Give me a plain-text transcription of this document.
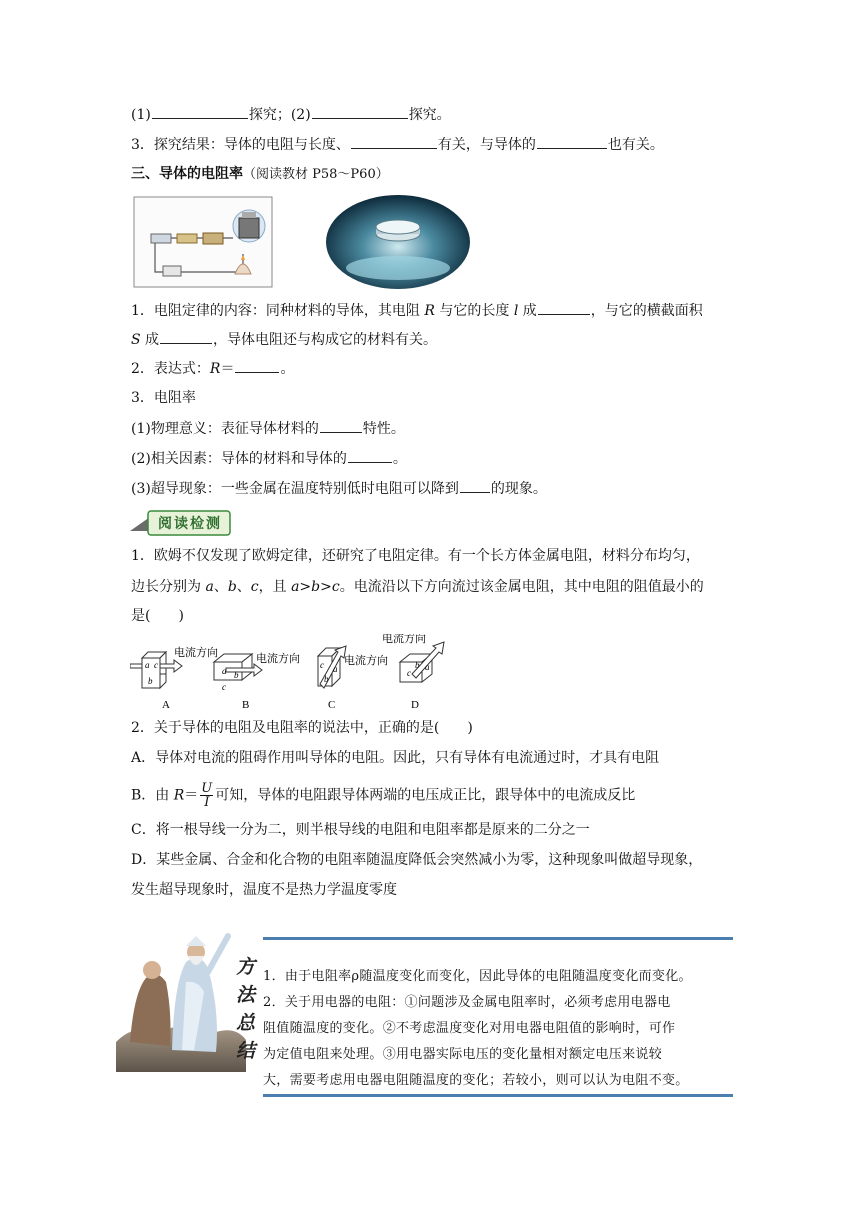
(1)	探究；(2)	探究。
3．探究结果：导体的电阻与长度、	有关，与导体的	也有关。
三、导体的电阻率（阅读教材 P58～P60）
1．电阻定律的内容：同种材料的导体，其电阻 R 与它的长度 l 成	，与它的横截面积
S 成	，导体电阻还与构成它的材料有关。
2．表达式：R＝	。
3．电阻率
(1)物理意义：表征导体材料的	特性。
(2)相关因素：导体的材料和导体的	。
(3)超导现象：一些金属在温度特别低时电阻可以降到 的现象。
阅读检测
1．欧姆不仅发现了欧姆定律，还研究了电阻定律。有一个长方体金属电阻，材料分布均匀，
边长分别为 a、b、c，且 a>b>c。电流沿以下方向流过该金属电阻，其中电阻的阻值最小的
是(　　)
a c
b
电流方向
a b
c
电流方向 c a
b
电流方向
c
a
b
电流方向
A	B	C	D
2．关于导体的电阻及电阻率的说法中，正确的是(　　)
A．导体对电流的阻碍作用叫导体的电阻。因此，只有导体有电流通过时，才具有电阻
B．由 $R= \frac{U}{I}$ 可知，导体的电阻跟导体两端的电压成正比，跟导体中的电流成反比
C．将一根导线一分为二，则半根导线的电阻和电阻率都是原来的二分之一
D．某些金属、合金和化合物的电阻率随温度降低会突然减小为零，这种现象叫做超导现象，
发生超导现象时，温度不是热力学温度零度
方
法
总
结
1．由于电阻率ρ随温度变化而变化，因此导体的电阻随温度变化而变化。
2．关于用电器的电阻：①问题涉及金属电阻率时，必须考虑用电器电
阻值随温度的变化。②不考虑温度变化对用电器电阻值的影响时，可作
为定值电阻来处理。③用电器实际电压的变化量相对额定电压来说较
大，需要考虑用电器电阻随温度的变化；若较小，则可以认为电阻不变。
